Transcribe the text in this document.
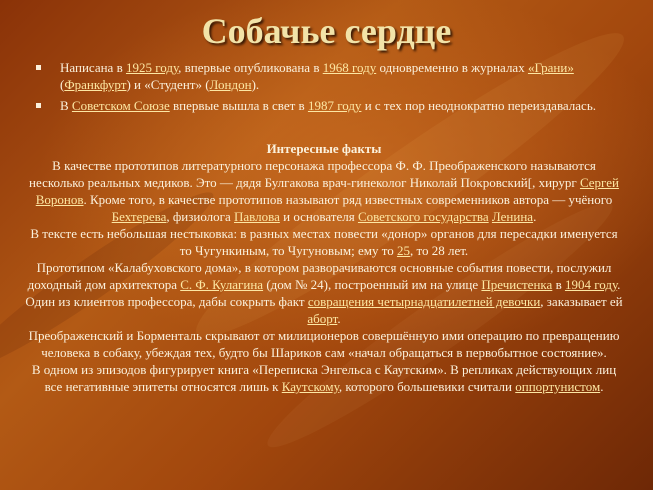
Собачье сердце
Написана в 1925 году, впервые опубликована в 1968 году одновременно в журналах «Грани» (Франкфурт) и «Студент» (Лондон).
В Советском Союзе впервые вышла в свет в 1987 году и с тех пор неоднократно переиздавалась.

Интересные факты

В качестве прототипов литературного персонажа профессора Ф. Ф. Преображенского называются несколько реальных медиков. Это — дядя Булгакова врач-гинеколог Николай Покровский[, хирург Сергей Воронов. Кроме того, в качестве прототипов называют ряд известных современников автора — учёного Бехтерева, физиолога Павлова и основателя Советского государства Ленина.

В тексте есть небольшая нестыковка: в разных местах повести «донор» органов для пересадки именуется то Чугункиным, то Чугуновым; ему то 25, то 28 лет.

Прототипом «Калабуховского дома», в котором разворачиваются основные события повести, послужил доходный дом архитектора С. Ф. Кулагина (дом № 24), построенный им на улице Пречистенка в 1904 году.

Один из клиентов профессора, дабы сокрыть факт совращения четырнадцатилетней девочки, заказывает ей аборт.

Преображенский и Борменталь скрывают от милиционеров совершённую ими операцию по превращению человека в собаку, убеждая тех, будто бы Шариков сам «начал обращаться в первобытное состояние».

В одном из эпизодов фигурирует книга «Переписка Энгельса с Каутским». В репликах действующих лиц все негативные эпитеты относятся лишь к Каутскому, которого большевики считали оппортунистом.
